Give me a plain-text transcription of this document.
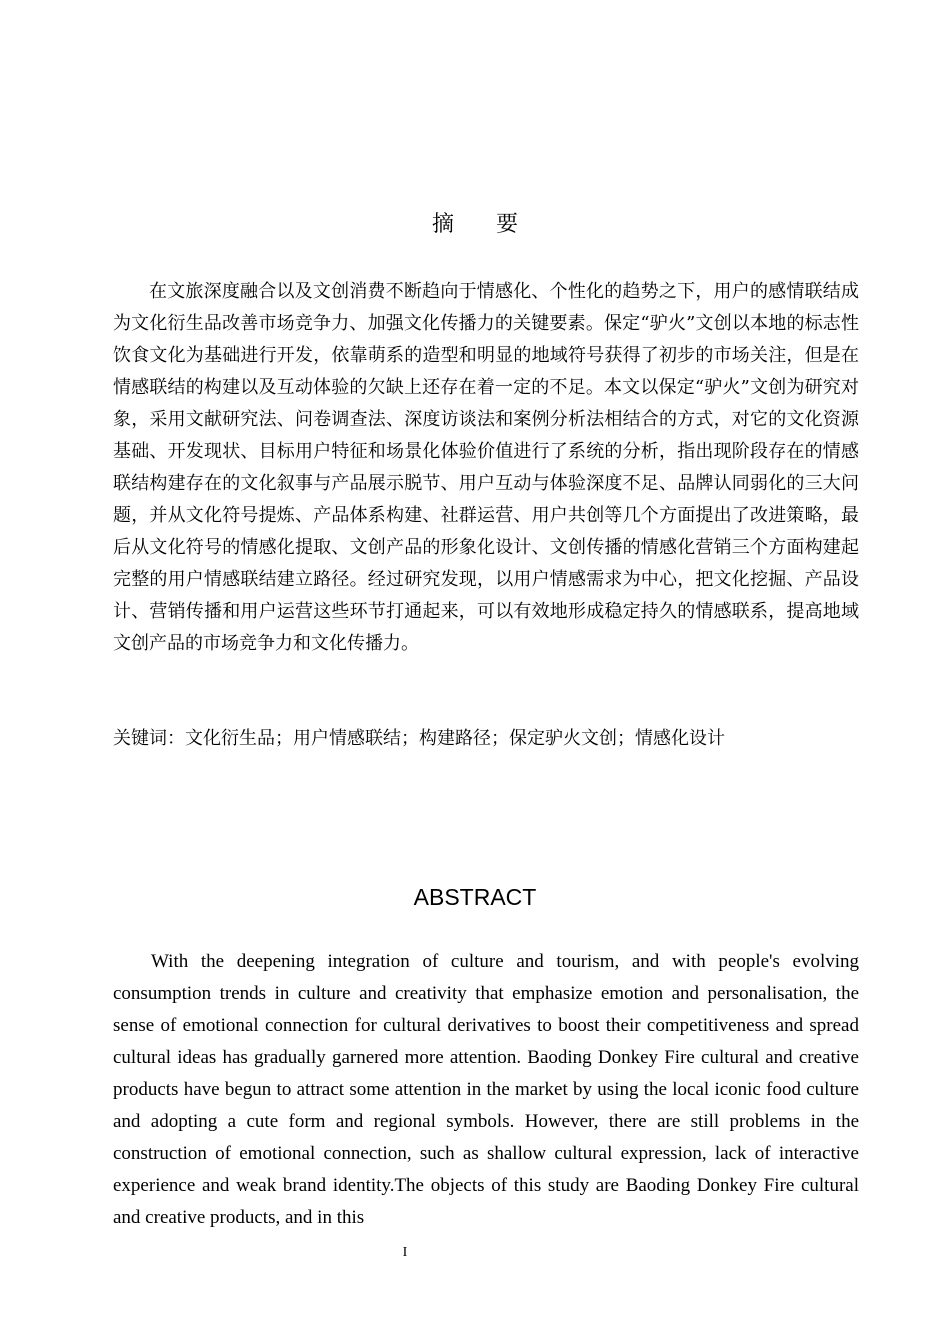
摘 要

在文旅深度融合以及文创消费不断趋向于情感化、个性化的趋势之下，用户的感情联结成为文化衍生品改善市场竞争力、加强文化传播力的关键要素。保定“驴火”文创以本地的标志性饮食文化为基础进行开发，依靠萌系的造型和明显的地域符号获得了初步的市场关注，但是在情感联结的构建以及互动体验的欠缺上还存在着一定的不足。本文以保定“驴火”文创为研究对象，采用文献研究法、问卷调查法、深度访谈法和案例分析法相结合的方式，对它的文化资源基础、开发现状、目标用户特征和场景化体验价值进行了系统的分析，指出现阶段存在的情感联结构建存在的文化叙事与产品展示脱节、用户互动与体验深度不足、品牌认同弱化的三大问题，并从文化符号提炼、产品体系构建、社群运营、用户共创等几个方面提出了改进策略，最后从文化符号的情感化提取、文创产品的形象化设计、文创传播的情感化营销三个方面构建起完整的用户情感联结建立路径。经过研究发现，以用户情感需求为中心，把文化挖掘、产品设计、营销传播和用户运营这些环节打通起来，可以有效地形成稳定持久的情感联系，提高地域文创产品的市场竞争力和文化传播力。

关键词：文化衍生品；用户情感联结；构建路径；保定驴火文创；情感化设计

ABSTRACT

With the deepening integration of culture and tourism, and with people's evolving consumption trends in culture and creativity that emphasize emotion and personalisation, the sense of emotional connection for cultural derivatives to boost their competitiveness and spread cultural ideas has gradually garnered more attention. Baoding Donkey Fire cultural and creative products have begun to attract some attention in the market by using the local iconic food culture and adopting a cute form and regional symbols. However, there are still problems in the construction of emotional connection, such as shallow cultural expression, lack of interactive experience and weak brand identity.The objects of this study are Baoding Donkey Fire cultural and creative products, and in this

I
